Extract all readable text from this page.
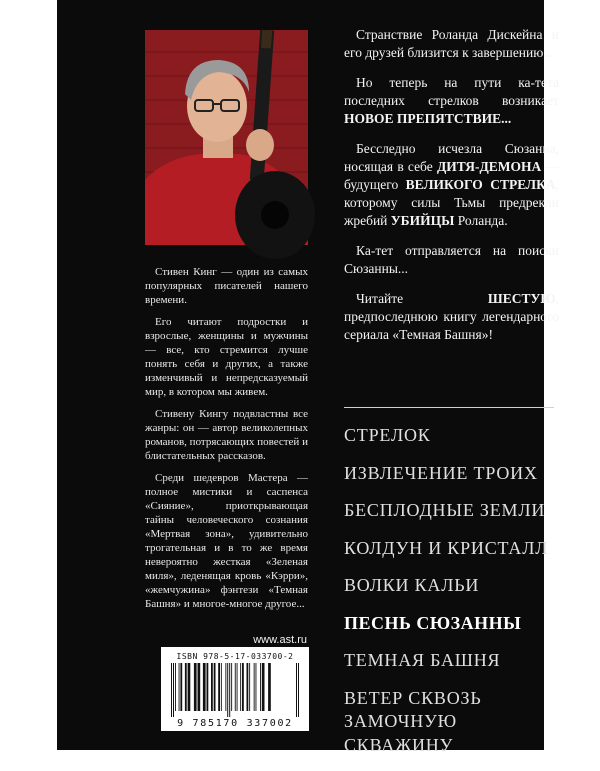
Стивен Кинг — один из самых популярных писателей нашего времени.

Его читают подростки и взрослые, женщины и мужчины — все, кто стремится лучше понять себя и других, а также изменчивый и непредсказуемый мир, в котором мы живем.

Стивену Кингу подвластны все жанры: он — автор великолепных романов, потрясающих повестей и блистательных рассказов.

Среди шедевров Мастера — полное мистики и саспенса «Сияние», приоткрывающая тайны человеческого сознания «Мертвая зона», удивительно трогательная и в то же время невероятно жесткая «Зеленая миля», леденящая кровь «Кэрри», «жемчужина» фэнтези «Темная Башня» и многое-многое другое...

www.ast.ru
ISBN 978-5-17-033700-2
9 785170 337002

Странствие Роланда Дискейна и его друзей близится к завершению...

Но теперь на пути ка-тета последних стрелков возникает НОВОЕ ПРЕПЯТСТВИЕ...

Бесследно исчезла Сюзанна, носящая в себе ДИТЯ-ДЕМОНА — будущего ВЕЛИКОГО СТРЕЛКА, которому силы Тьмы предрекли жребий УБИЙЦЫ Роланда.

Ка-тет отправляется на поиски Сюзанны...

Читайте ШЕСТУЮ, предпоследнюю книгу легендарного сериала «Темная Башня»!

СТРЕЛОК
ИЗВЛЕЧЕНИЕ ТРОИХ
БЕСПЛОДНЫЕ ЗЕМЛИ
КОЛДУН И КРИСТАЛЛ
ВОЛКИ КАЛЬИ
ПЕСНЬ СЮЗАННЫ
ТЕМНАЯ БАШНЯ
ВЕТЕР СКВОЗЬ ЗАМОЧНУЮ СКВАЖИНУ
